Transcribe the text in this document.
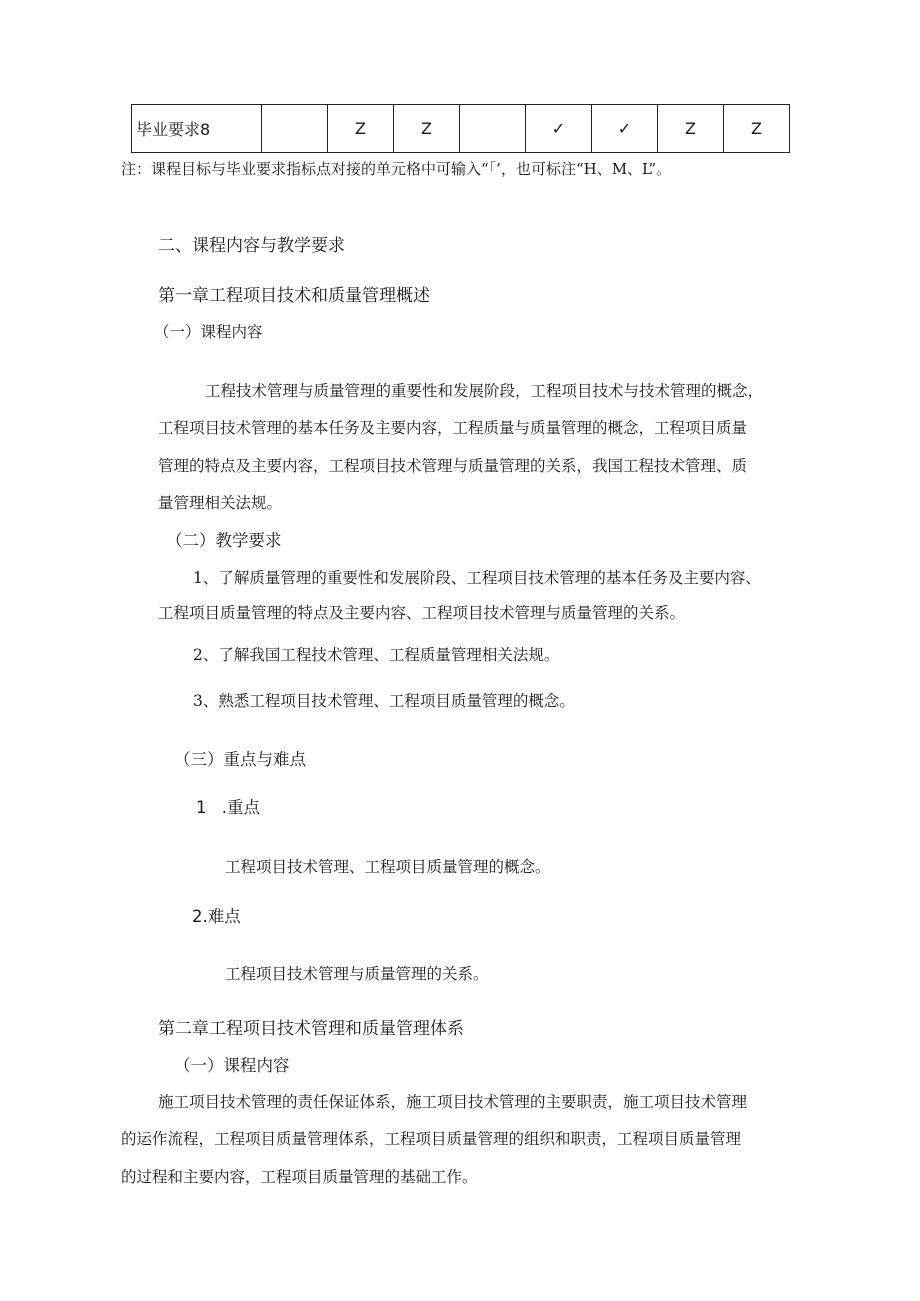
毕业要求8		Z	Z		✓	✓	Z	Z
注：课程目标与毕业要求指标点对接的单元格中可输入“「’，也可标注“H、M、L”。
二、课程内容与教学要求
第一章工程项目技术和质量管理概述
（一）课程内容
工程技术管理与质量管理的重要性和发展阶段，工程项目技术与技术管理的概念，
工程项目技术管理的基本任务及主要内容，工程质量与质量管理的概念，工程项目质量
管理的特点及主要内容，工程项目技术管理与质量管理的关系，我国工程技术管理、质
量管理相关法规。
（二）教学要求
1、了解质量管理的重要性和发展阶段、工程项目技术管理的基本任务及主要内容、
工程项目质量管理的特点及主要内容、工程项目技术管理与质量管理的关系。
2、了解我国工程技术管理、工程质量管理相关法规。
3、熟悉工程项目技术管理、工程项目质量管理的概念。
（三）重点与难点
1 .重点
工程项目技术管理、工程项目质量管理的概念。
2.难点
工程项目技术管理与质量管理的关系。
第二章工程项目技术管理和质量管理体系
（一）课程内容
施工项目技术管理的责任保证体系，施工项目技术管理的主要职责，施工项目技术管理
的运作流程，工程项目质量管理体系，工程项目质量管理的组织和职责，工程项目质量管理
的过程和主要内容，工程项目质量管理的基础工作。
